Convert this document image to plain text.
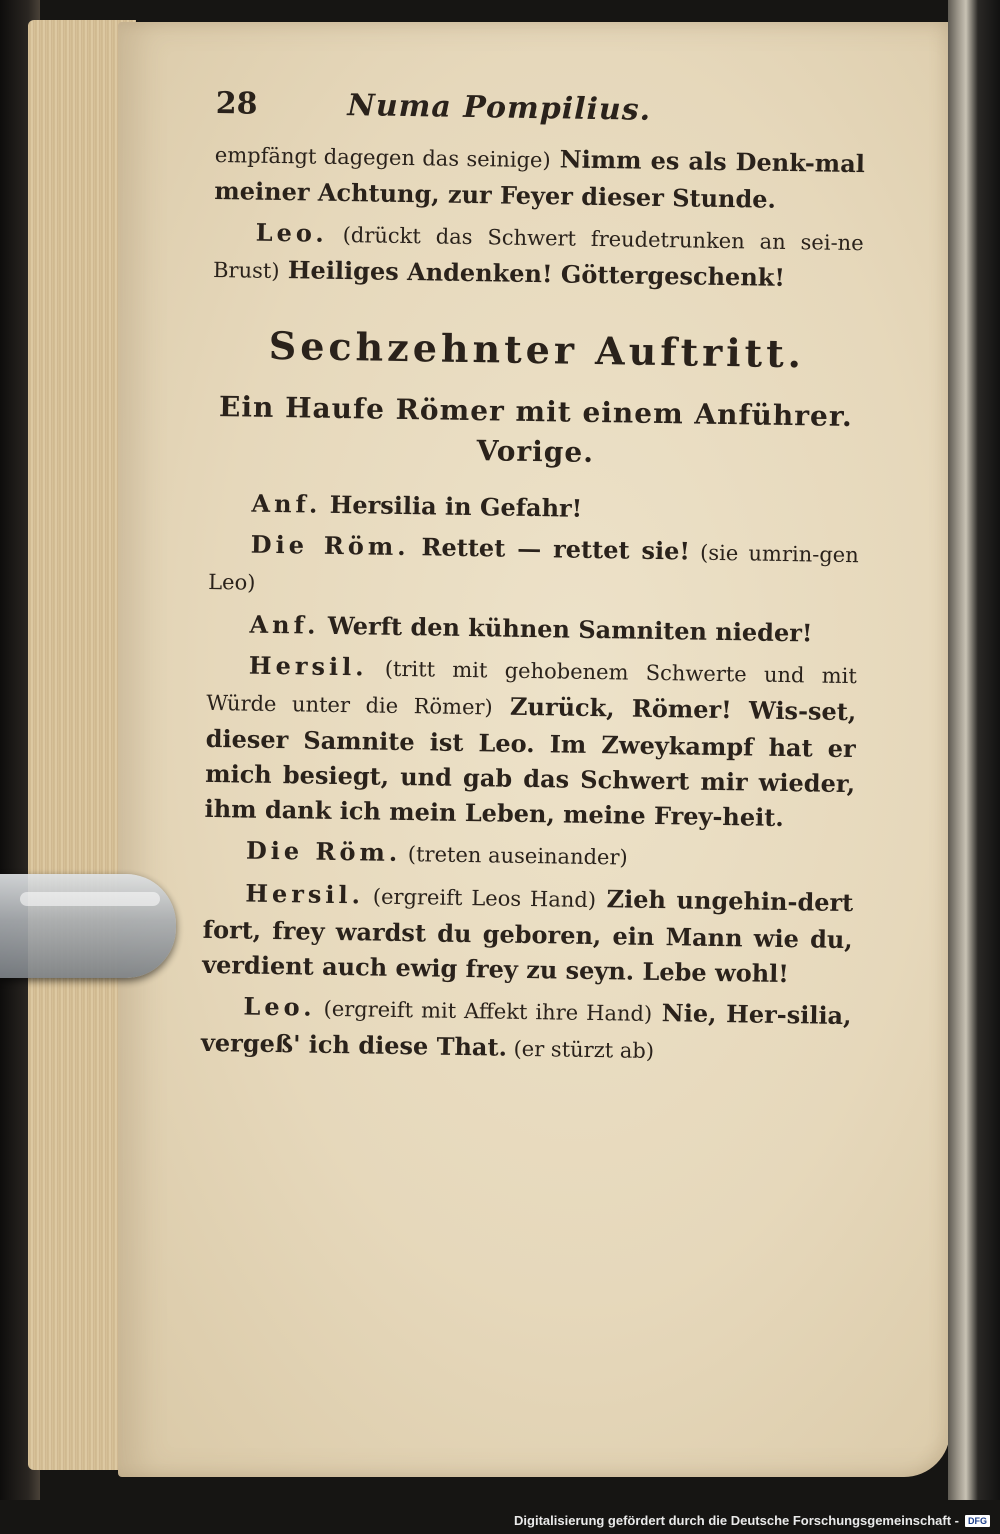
28	Numa Pompilius.

empfängt dagegen das seinige) Nimm es als Denk-mal meiner Achtung, zur Feyer dieser Stunde.

Leo. (drückt das Schwert freudetrunken an sei-ne Brust) Heiliges Andenken! Göttergeschenk!

Sechzehnter Auftritt.
Ein Haufe Römer mit einem Anführer.
Vorige.

Anf. Hersilia in Gefahr!

Die Röm. Rettet — rettet sie! (sie umrin-gen Leo)

Anf. Werft den kühnen Samniten nieder!

Hersil. (tritt mit gehobenem Schwerte und mit Würde unter die Römer) Zurück, Römer! Wis-set, dieser Samnite ist Leo. Im Zweykampf hat er mich besiegt, und gab das Schwert mir wieder, ihm dank ich mein Leben, meine Frey-heit.

Die Röm. (treten auseinander)

Hersil. (ergreift Leos Hand) Zieh ungehin-dert fort, frey wardst du geboren, ein Mann wie du, verdient auch ewig frey zu seyn. Lebe wohl!

Leo. (ergreift mit Affekt ihre Hand) Nie, Her-silia, vergeß' ich diese That. (er stürzt ab)

Digitalisierung gefördert durch die Deutsche Forschungsgemeinschaft -	DFG
